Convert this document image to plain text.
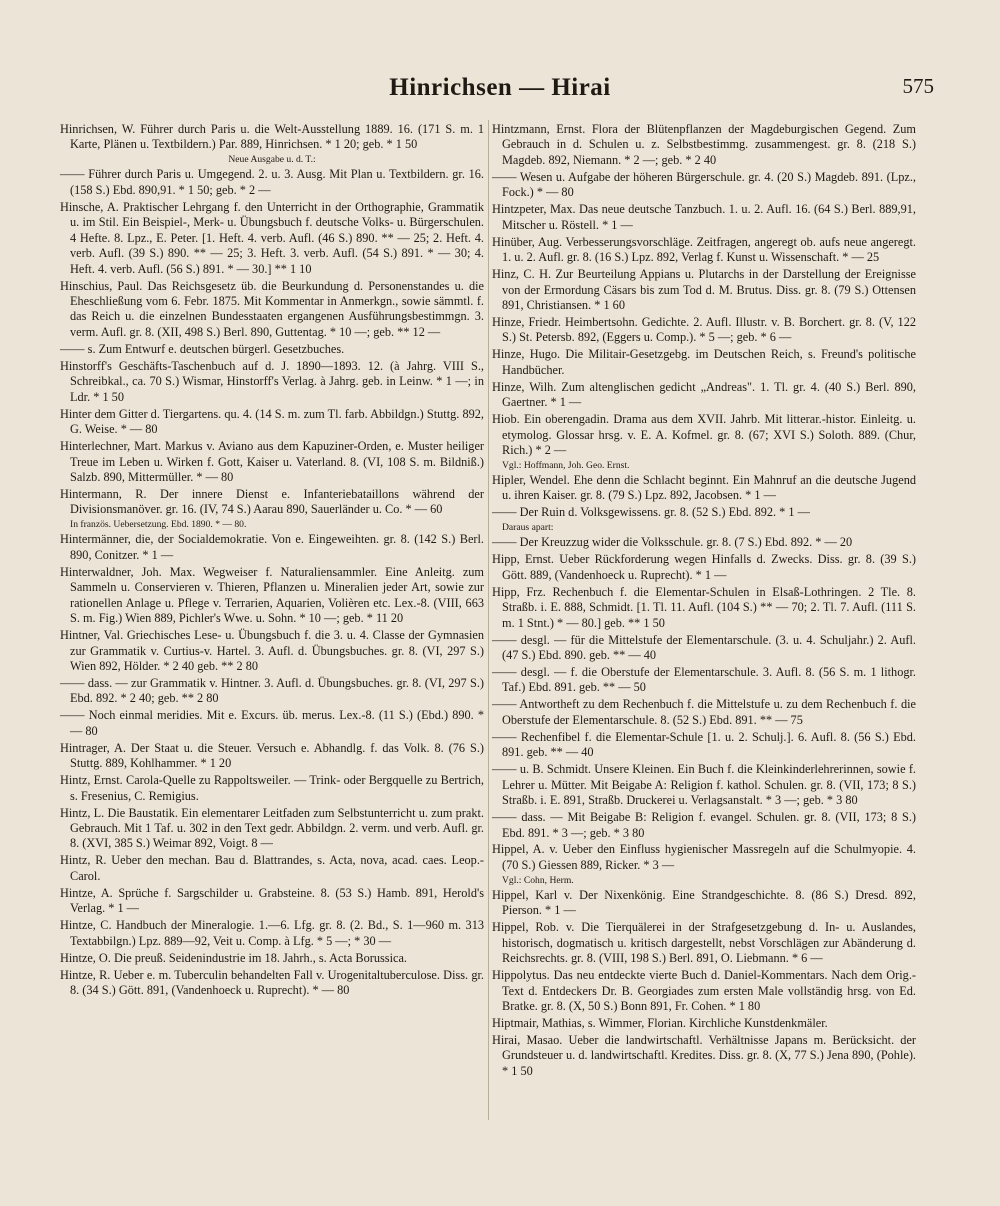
Hinrichsen — Hirai	575
Hinrichsen, W. Führer durch Paris u. die Welt-Ausstellung 1889. 16. (171 S. m. 1 Karte, Plänen u. Textbildern.) Par. 889, Hinrichsen. * 1 20; geb. * 1 50
Neue Ausgabe u. d. T.:
—— Führer durch Paris u. Umgegend. 2. u. 3. Ausg. Mit Plan u. Textbildern. gr. 16. (158 S.) Ebd. 890,91. * 1 50; geb. * 2 —
Hinsche, A. Praktischer Lehrgang f. den Unterricht in der Orthographie, Grammatik u. im Stil. Ein Beispiel-, Merk- u. Übungsbuch f. deutsche Volks- u. Bürgerschulen. 4 Hefte. 8. Lpz., E. Peter. [1. Heft. 4. verb. Aufl. (46 S.) 890. ** — 25; 2. Heft. 4. verb. Aufl. (39 S.) 890. ** — 25; 3. Heft. 3. verb. Aufl. (54 S.) 891. * — 30; 4. Heft. 4. verb. Aufl. (56 S.) 891. * — 30.] ** 1 10
Hinschius, Paul. Das Reichsgesetz üb. die Beurkundung d. Personenstandes u. die Eheschließung vom 6. Febr. 1875. Mit Kommentar in Anmerkgn., sowie sämmtl. f. das Reich u. die einzelnen Bundesstaaten ergangenen Ausführungsbestimmgn. 3. verm. Aufl. gr. 8. (XII, 498 S.) Berl. 890, Guttentag. * 10 —; geb. ** 12 —
—— s. Zum Entwurf e. deutschen bürgerl. Gesetzbuches.
Hinstorff's Geschäfts-Taschenbuch auf d. J. 1890—1893. 12. (à Jahrg. VIII S., Schreibkal., ca. 70 S.) Wismar, Hinstorff's Verlag. à Jahrg. geb. in Leinw. * 1 —; in Ldr. * 1 50
Hinter dem Gitter d. Tiergartens. qu. 4. (14 S. m. zum Tl. farb. Abbildgn.) Stuttg. 892, G. Weise. * — 80
Hinterlechner, Mart. Markus v. Aviano aus dem Kapuziner-Orden, e. Muster heiliger Treue im Leben u. Wirken f. Gott, Kaiser u. Vaterland. 8. (VI, 108 S. m. Bildniß.) Salzb. 890, Mittermüller. * — 80
Hintermann, R. Der innere Dienst e. Infanteriebataillons während der Divisionsmanöver. gr. 16. (IV, 74 S.) Aarau 890, Sauerländer u. Co. * — 60
In französ. Uebersetzung. Ebd. 1890. * — 80.
Hintermänner, die, der Socialdemokratie. Von e. Eingeweihten. gr. 8. (142 S.) Berl. 890, Conitzer. * 1 —
Hinterwaldner, Joh. Max. Wegweiser f. Naturaliensammler. Eine Anleitg. zum Sammeln u. Conservieren v. Thieren, Pflanzen u. Mineralien jeder Art, sowie zur rationellen Anlage u. Pflege v. Terrarien, Aquarien, Volièren etc. Lex.-8. (VIII, 663 S. m. Fig.) Wien 889, Pichler's Wwe. u. Sohn. * 10 —; geb. * 11 20
Hintner, Val. Griechisches Lese- u. Übungsbuch f. die 3. u. 4. Classe der Gymnasien zur Grammatik v. Curtius-v. Hartel. 3. Aufl. d. Übungsbuches. gr. 8. (VI, 297 S.) Wien 892, Hölder. * 2 40 geb. ** 2 80
—— dass. — zur Grammatik v. Hintner. 3. Aufl. d. Übungsbuches. gr. 8. (VI, 297 S.) Ebd. 892. * 2 40; geb. ** 2 80
—— Noch einmal meridies. Mit e. Excurs. üb. merus. Lex.-8. (11 S.) (Ebd.) 890. * — 80
Hintrager, A. Der Staat u. die Steuer. Versuch e. Abhandlg. f. das Volk. 8. (76 S.) Stuttg. 889, Kohlhammer. * 1 20
Hintz, Ernst. Carola-Quelle zu Rappoltsweiler. — Trink- oder Bergquelle zu Bertrich, s. Fresenius, C. Remigius.
Hintz, L. Die Baustatik. Ein elementarer Leitfaden zum Selbstunterricht u. zum prakt. Gebrauch. Mit 1 Taf. u. 302 in den Text gedr. Abbildgn. 2. verm. und verb. Aufl. gr. 8. (XVI, 385 S.) Weimar 892, Voigt. 8 —
Hintz, R. Ueber den mechan. Bau d. Blattrandes, s. Acta, nova, acad. caes. Leop.-Carol.
Hintze, A. Sprüche f. Sargschilder u. Grabsteine. 8. (53 S.) Hamb. 891, Herold's Verlag. * 1 —
Hintze, C. Handbuch der Mineralogie. 1.—6. Lfg. gr. 8. (2. Bd., S. 1—960 m. 313 Textabbilgn.) Lpz. 889—92, Veit u. Comp. à Lfg. * 5 —; * 30 —
Hintze, O. Die preuß. Seidenindustrie im 18. Jahrh., s. Acta Borussica.
Hintze, R. Ueber e. m. Tuberculin behandelten Fall v. Urogenitaltuberculose. Diss. gr. 8. (34 S.) Gött. 891, (Vandenhoeck u. Ruprecht). * — 80
Hintzmann, Ernst. Flora der Blütenpflanzen der Magdeburgischen Gegend. Zum Gebrauch in d. Schulen u. z. Selbstbestimmg. zusammengest. gr. 8. (218 S.) Magdeb. 892, Niemann. * 2 —; geb. * 2 40
—— Wesen u. Aufgabe der höheren Bürgerschule. gr. 4. (20 S.) Magdeb. 891. (Lpz., Fock.) * — 80
Hintzpeter, Max. Das neue deutsche Tanzbuch. 1. u. 2. Aufl. 16. (64 S.) Berl. 889,91, Mitscher u. Röstell. * 1 —
Hinüber, Aug. Verbesserungsvorschläge. Zeitfragen, angeregt ob. aufs neue angeregt. 1. u. 2. Aufl. gr. 8. (16 S.) Lpz. 892, Verlag f. Kunst u. Wissenschaft. * — 25
Hinz, C. H. Zur Beurteilung Appians u. Plutarchs in der Darstellung der Ereignisse von der Ermordung Cäsars bis zum Tod d. M. Brutus. Diss. gr. 8. (79 S.) Ottensen 891, Christiansen. * 1 60
Hinze, Friedr. Heimbertsohn. Gedichte. 2. Aufl. Illustr. v. B. Borchert. gr. 8. (V, 122 S.) St. Petersb. 892, (Eggers u. Comp.). * 5 —; geb. * 6 —
Hinze, Hugo. Die Militair-Gesetzgebg. im Deutschen Reich, s. Freund's politische Handbücher.
Hinze, Wilh. Zum altenglischen gedicht „Andreas". 1. Tl. gr. 4. (40 S.) Berl. 890, Gaertner. * 1 —
Hiob. Ein oberengadin. Drama aus dem XVII. Jahrb. Mit litterar.-histor. Einleitg. u. etymolog. Glossar hrsg. v. E. A. Kofmel. gr. 8. (67; XVI S.) Soloth. 889. (Chur, Rich.) * 2 —
Vgl.: Hoffmann, Joh. Geo. Ernst.
Hipler, Wendel. Ehe denn die Schlacht beginnt. Ein Mahnruf an die deutsche Jugend u. ihren Kaiser. gr. 8. (79 S.) Lpz. 892, Jacobsen. * 1 —
—— Der Ruin d. Volksgewissens. gr. 8. (52 S.) Ebd. 892. * 1 —
Daraus apart:
—— Der Kreuzzug wider die Volksschule. gr. 8. (7 S.) Ebd. 892. * — 20
Hipp, Ernst. Ueber Rückforderung wegen Hinfalls d. Zwecks. Diss. gr. 8. (39 S.) Gött. 889, (Vandenhoeck u. Ruprecht). * 1 —
Hipp, Frz. Rechenbuch f. die Elementar-Schulen in Elsaß-Lothringen. 2 Tle. 8. Straßb. i. E. 888, Schmidt. [1. Tl. 11. Aufl. (104 S.) ** — 70; 2. Tl. 7. Aufl. (111 S. m. 1 Stnt.) * — 80.] geb. ** 1 50
—— desgl. — für die Mittelstufe der Elementarschule. (3. u. 4. Schuljahr.) 2. Aufl. (47 S.) Ebd. 890. geb. ** — 40
—— desgl. — f. die Oberstufe der Elementarschule. 3. Aufl. 8. (56 S. m. 1 lithogr. Taf.) Ebd. 891. geb. ** — 50
—— Antwortheft zu dem Rechenbuch f. die Mittelstufe u. zu dem Rechenbuch f. die Oberstufe der Elementarschule. 8. (52 S.) Ebd. 891. ** — 75
—— Rechenfibel f. die Elementar-Schule [1. u. 2. Schulj.]. 6. Aufl. 8. (56 S.) Ebd. 891. geb. ** — 40
—— u. B. Schmidt. Unsere Kleinen. Ein Buch f. die Kleinkinderlehrerinnen, sowie f. Lehrer u. Mütter. Mit Beigabe A: Religion f. kathol. Schulen. gr. 8. (VII, 173; 8 S.) Straßb. i. E. 891, Straßb. Druckerei u. Verlagsanstalt. * 3 —; geb. * 3 80
—— dass. — Mit Beigabe B: Religion f. evangel. Schulen. gr. 8. (VII, 173; 8 S.) Ebd. 891. * 3 —; geb. * 3 80
Hippel, A. v. Ueber den Einfluss hygienischer Massregeln auf die Schulmyopie. 4. (70 S.) Giessen 889, Ricker. * 3 —
Vgl.: Cohn, Herm.
Hippel, Karl v. Der Nixenkönig. Eine Strandgeschichte. 8. (86 S.) Dresd. 892, Pierson. * 1 —
Hippel, Rob. v. Die Tierquälerei in der Strafgesetzgebung d. In- u. Auslandes, historisch, dogmatisch u. kritisch dargestellt, nebst Vorschlägen zur Abänderung d. Reichsrechts. gr. 8. (VIII, 198 S.) Berl. 891, O. Liebmann. * 6 —
Hippolytus. Das neu entdeckte vierte Buch d. Daniel-Kommentars. Nach dem Orig.-Text d. Entdeckers Dr. B. Georgiades zum ersten Male vollständig hrsg. von Ed. Bratke. gr. 8. (X, 50 S.) Bonn 891, Fr. Cohen. * 1 80
Hiptmair, Mathias, s. Wimmer, Florian. Kirchliche Kunstdenkmäler.
Hirai, Masao. Ueber die landwirtschaftl. Verhältnisse Japans m. Berücksicht. der Grundsteuer u. d. landwirtschaftl. Kredites. Diss. gr. 8. (X, 77 S.) Jena 890, (Pohle). * 1 50
